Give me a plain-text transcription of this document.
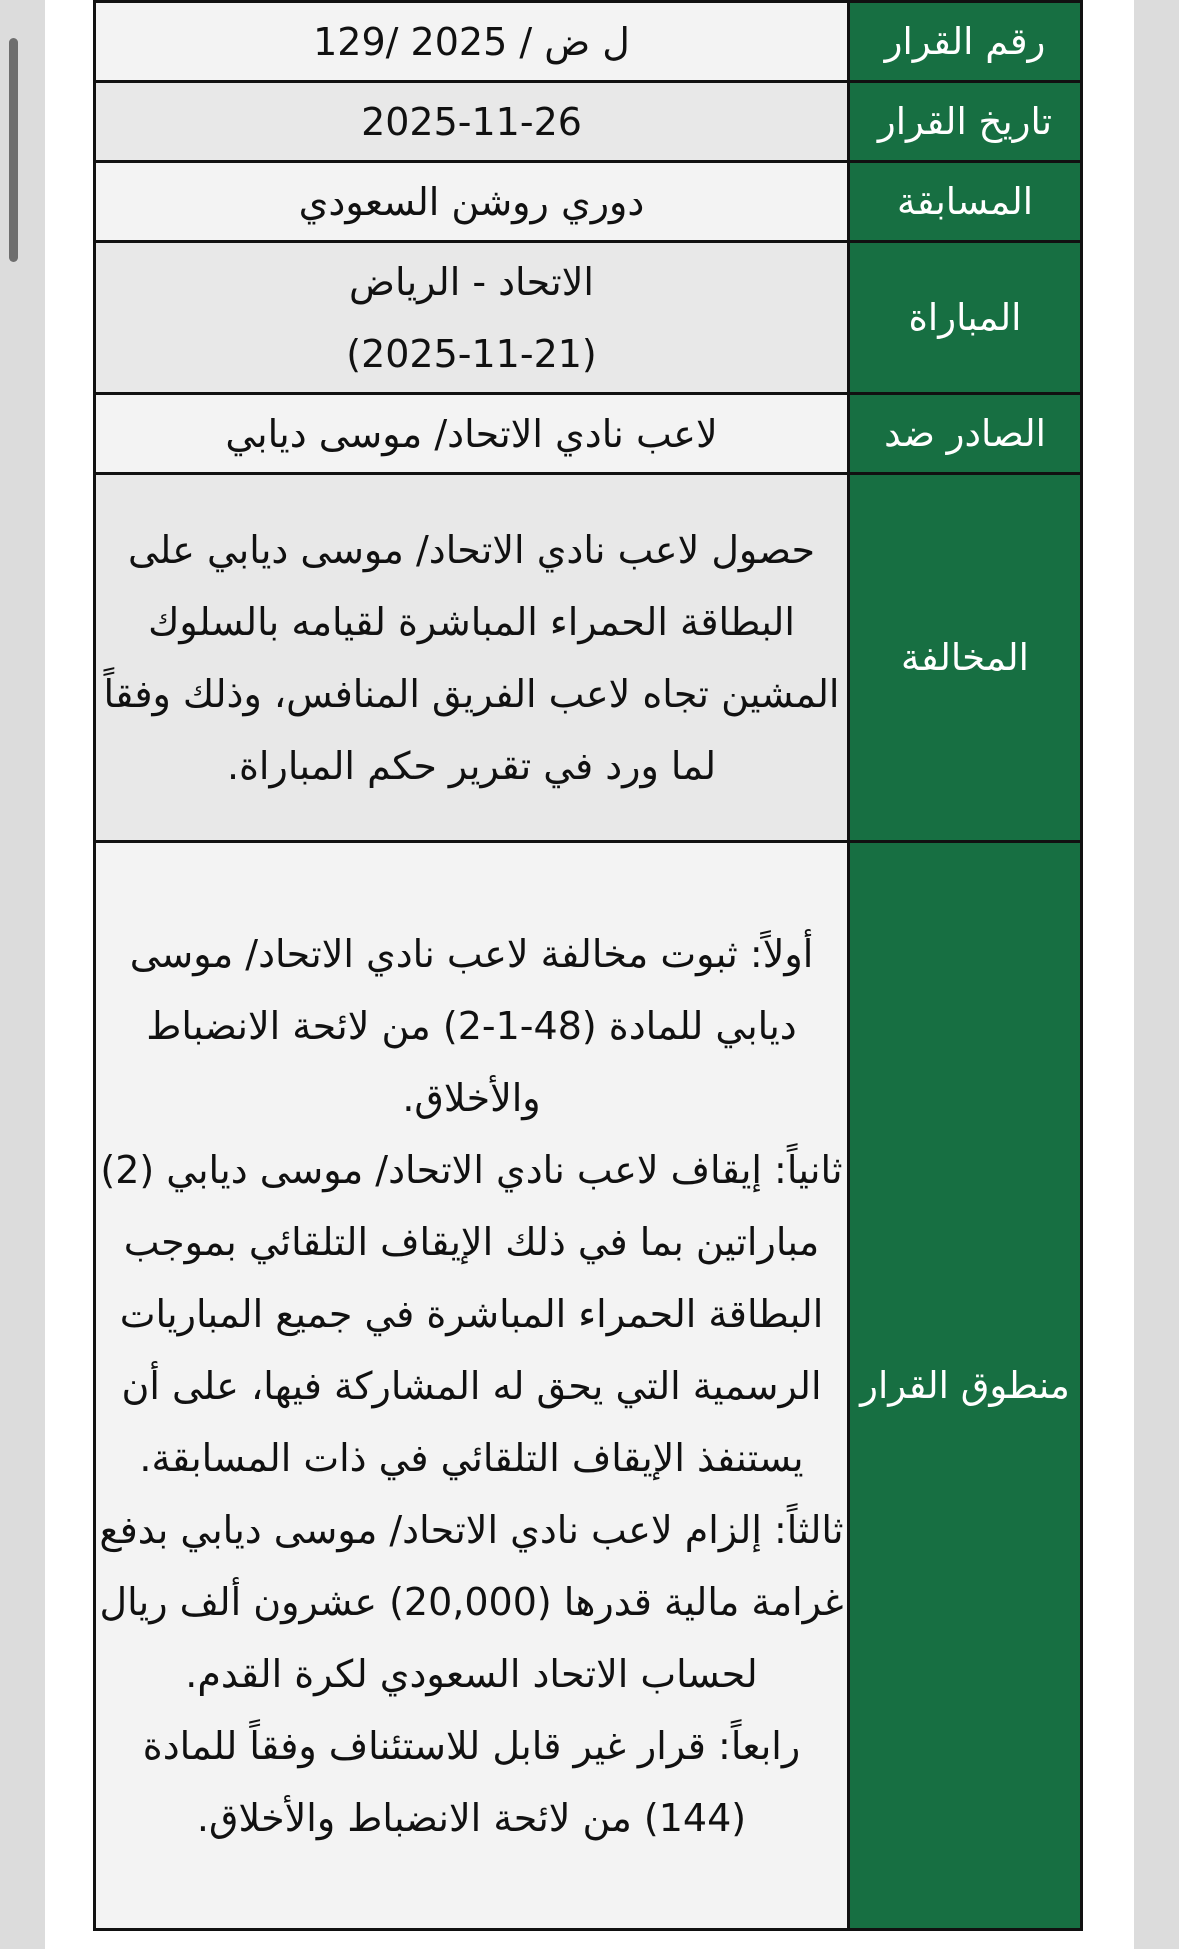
رقم القرار	129/ ل ض / 2025

تاريخ القرار	2025-11-26
المسابقة	دوري روشن السعودي
المباراة	الاتحاد - الرياض
(2025-11-21)

الصادر ضد	لاعب نادي الاتحاد/ موسى ديابي
المخالفة	حصول لاعب نادي الاتحاد/ موسى ديابي على البطاقة الحمراء المباشرة لقيامه بالسلوك المشين تجاه لاعب الفريق المنافس، وذلك وفقاً لما ورد في تقرير حكم المباراة.
منطوق القرار	أولاً: ثبوت مخالفة لاعب نادي الاتحاد/ موسى ديابي للمادة (48-1-2) من لائحة الانضباط والأخلاق.
ثانياً: إيقاف لاعب نادي الاتحاد/ موسى ديابي (2) مباراتين بما في ذلك الإيقاف التلقائي بموجب البطاقة الحمراء المباشرة في جميع المباريات الرسمية التي يحق له المشاركة فيها، على أن يستنفذ الإيقاف التلقائي في ذات المسابقة.
ثالثاً: إلزام لاعب نادي الاتحاد/ موسى ديابي بدفع غرامة مالية قدرها (20,000) عشرون ألف ريال لحساب الاتحاد السعودي لكرة القدم.
رابعاً: قرار غير قابل للاستئناف وفقاً للمادة (144) من لائحة الانضباط والأخلاق.
